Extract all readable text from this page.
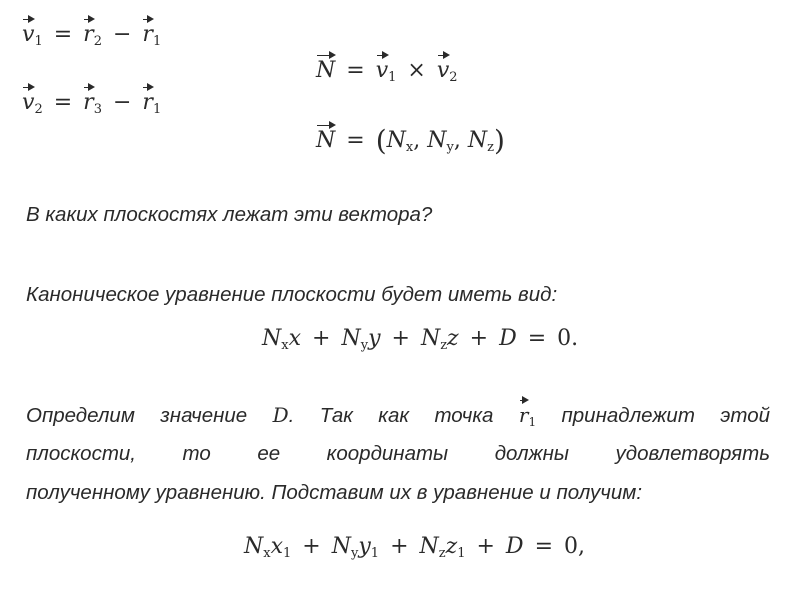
$v_1 = r_2 - r_1$
$N = v_1 \times v_2$
$v_2 = r_3 - r_1$
$N = (N_x$, $N_y$, $N_z$)
В каких плоскостях лежат эти вектора?
Каноническое уравнение плоскости будет иметь вид:
$N_xx + N_yy + N_zz + D = 0$.
Определим значение D. Так как точка $r_1$ принадлежит этой
плоскости, то ее координаты должны удовлетворять
полученному уравнению. Подставим их в уравнение и получим:
$N_xx_1 + N_yy_1 + N_zz_1 + D = 0$,
